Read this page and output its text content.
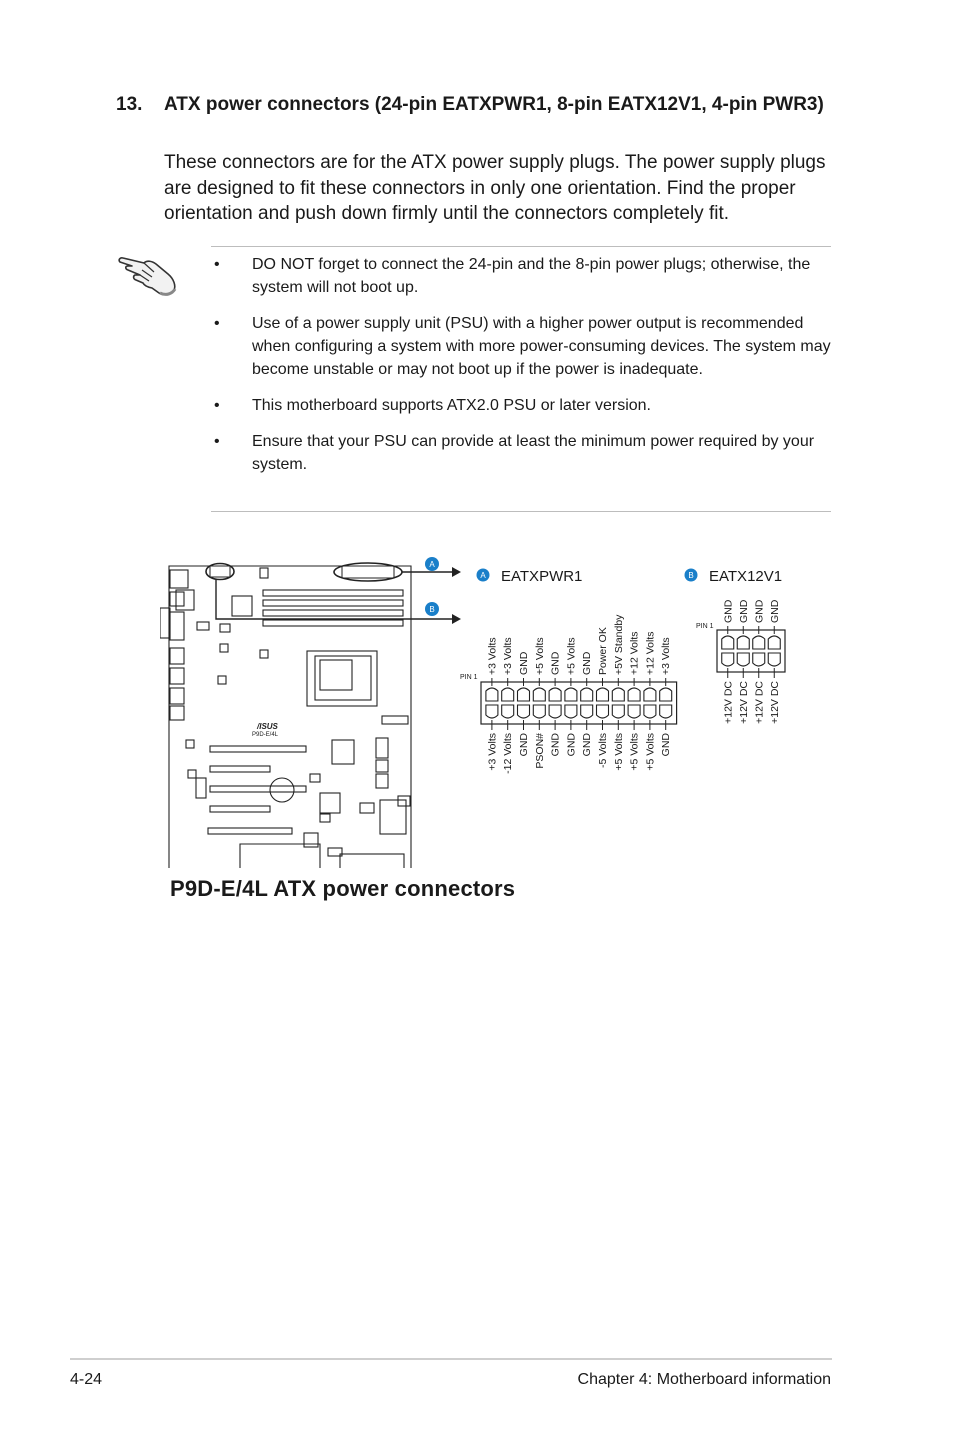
13. ATX power connectors (24-pin EATXPWR1, 8-pin EATX12V1, 4-pin PWR3)
These connectors are for the ATX power supply plugs. The power supply plugs are designed to fit these connectors in only one orientation. Find the proper orientation and push down firmly until the connectors completely fit.
• DO NOT forget to connect the 24-pin and the 8-pin power plugs; otherwise, the system will not boot up.
• Use of a power supply unit (PSU) with a higher power output is recommended when configuring a system with more power-consuming devices. The system may become unstable or may not boot up if the power is inadequate.
• This motherboard supports ATX2.0 PSU or later version.
• Ensure that your PSU can provide at least the minimum power required by your system.
/ISUS
P9D-E/4L
A
B
A EATXPWR1	B EATX12V1
PIN 1
PIN 1
+3 Volts
+3 Volts
+3 Volts
-12 Volts
GND
GND
+5 Volts
PSON#
GND
GND
+5 Volts
GND
GND
GND
Power OK
-5 Volts
+5V Standby
+5 Volts
+12 Volts
+5 Volts
+12 Volts
+5 Volts
+3 Volts
GND
GND
+12V DC
GND
+12V DC
GND
+12V DC
GND
+12V DC
P9D-E/4L ATX power connectors
4-24	Chapter 4: Motherboard information
